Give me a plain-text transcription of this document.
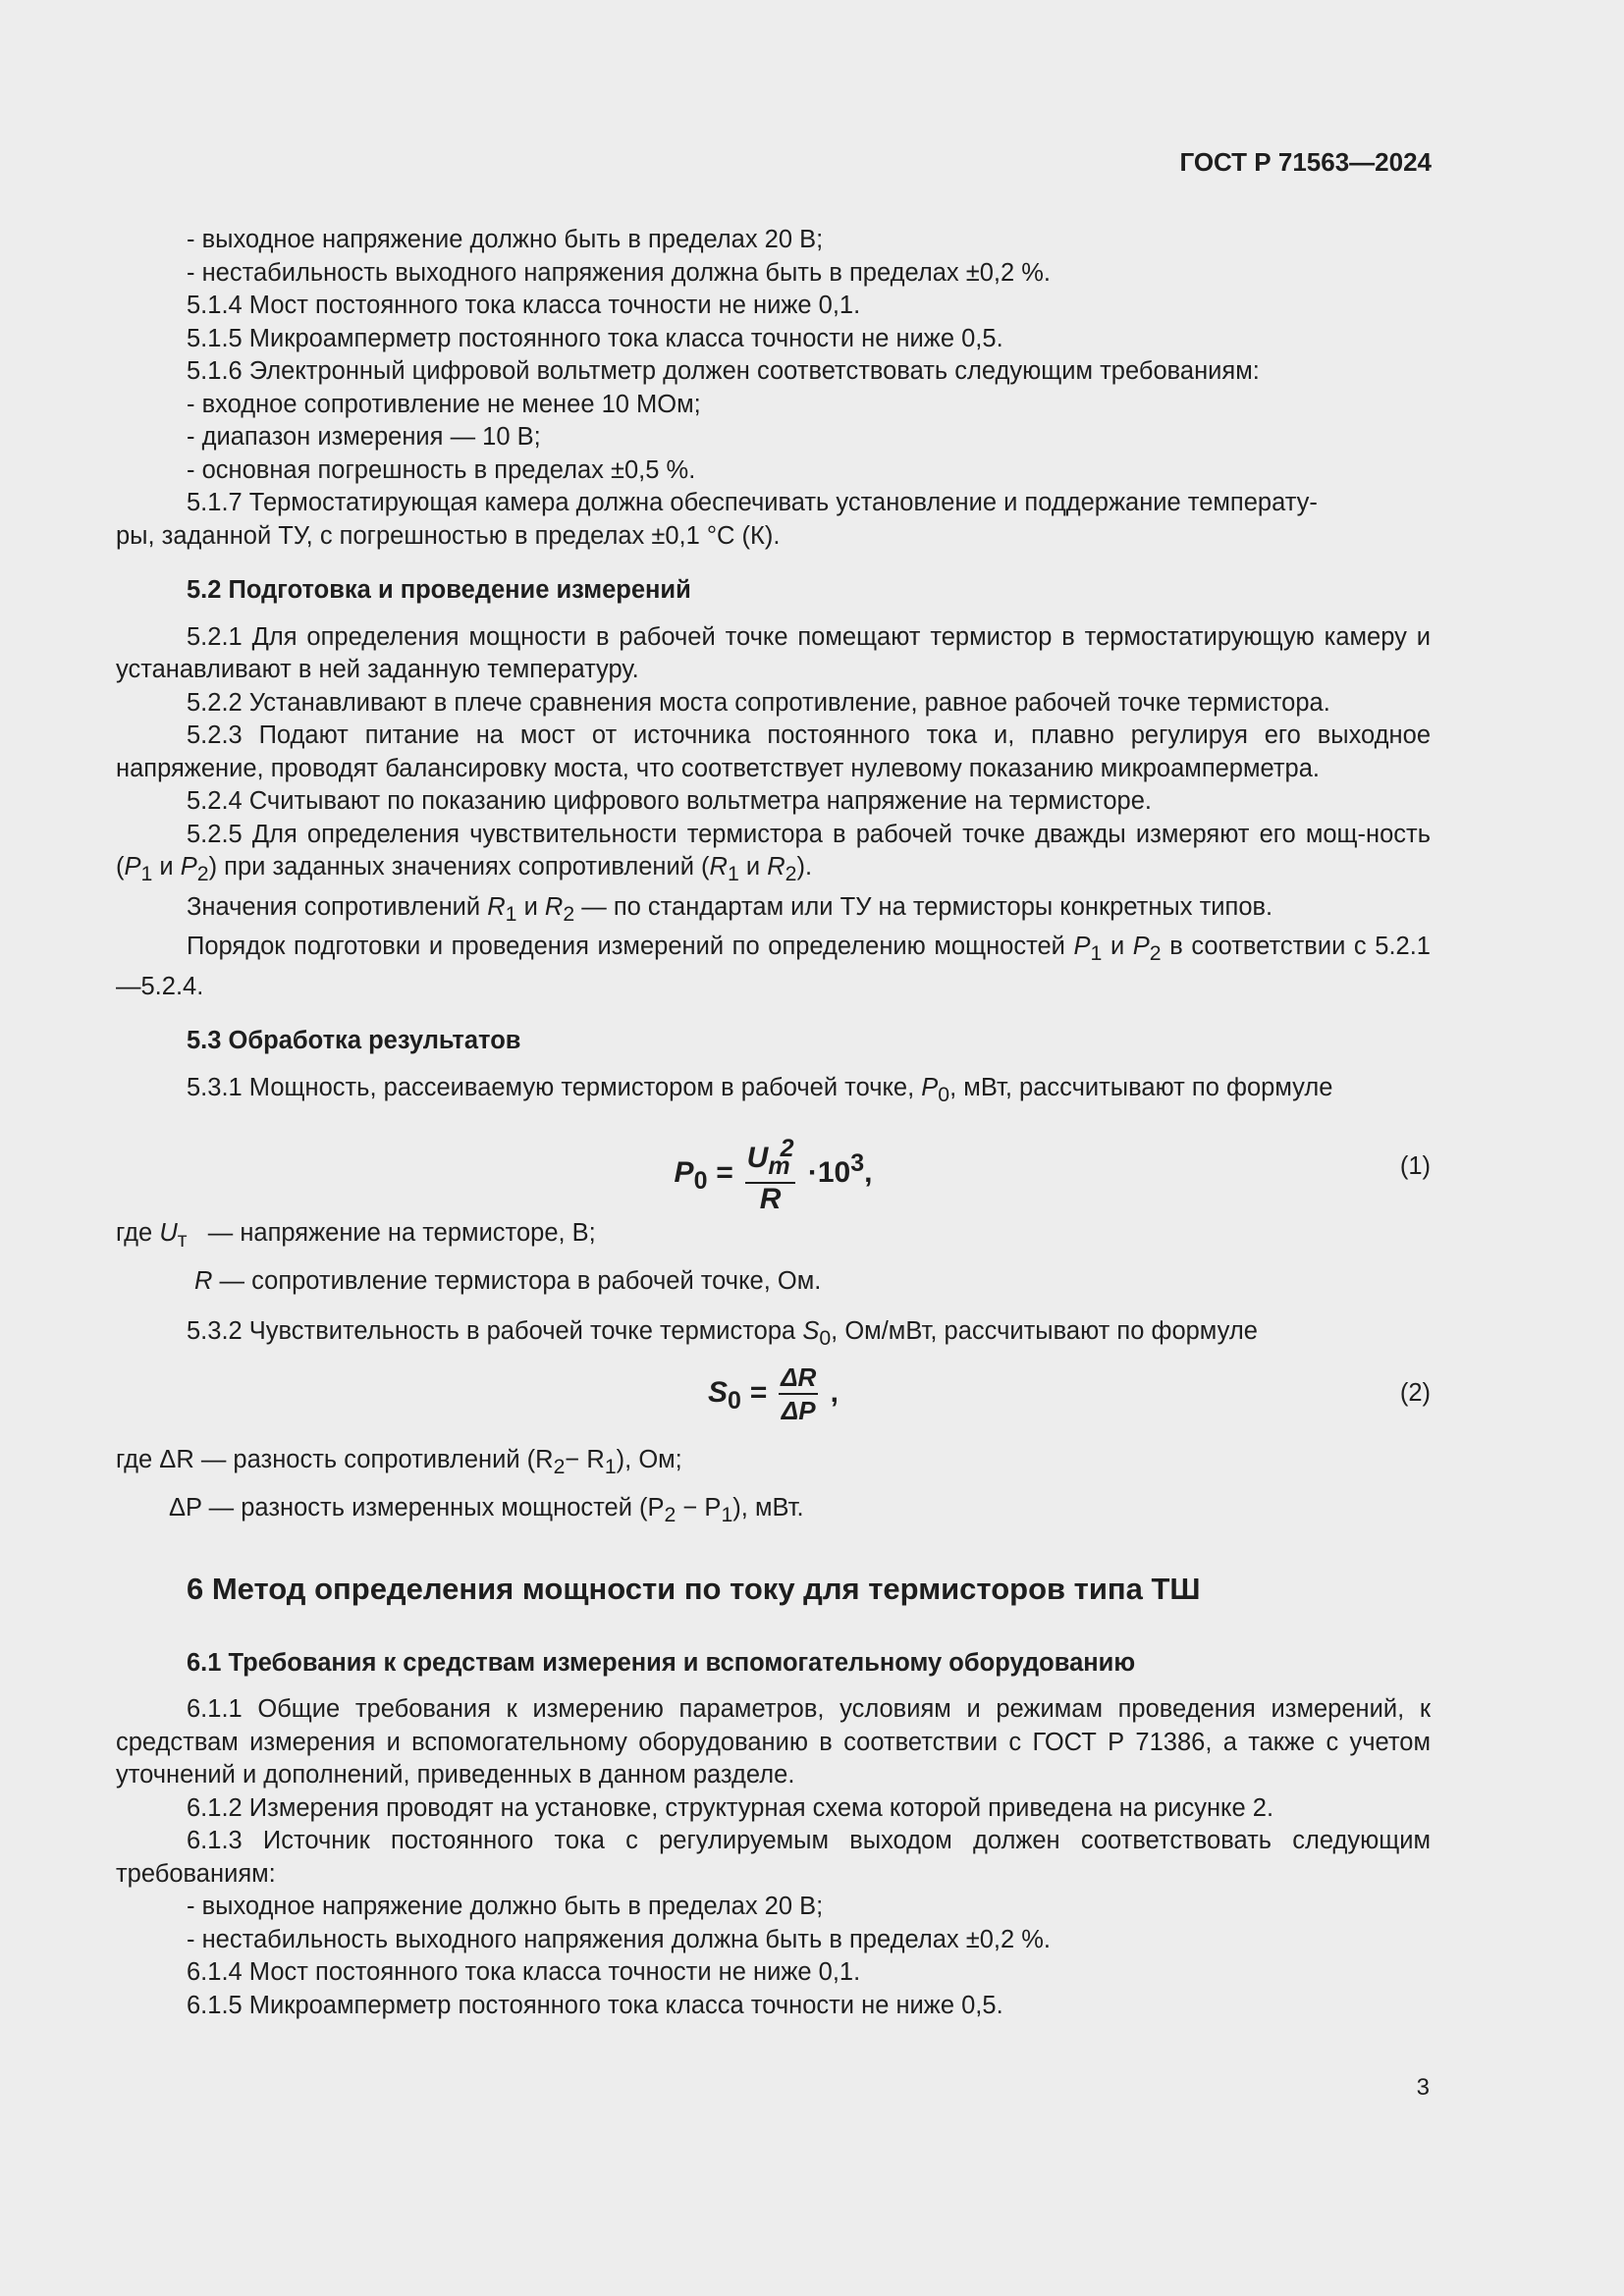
ГОСТ Р 71563—2024

- выходное напряжение должно быть в пределах 20 В;

- нестабильность выходного напряжения должна быть в пределах ±0,2 %.

5.1.4 Мост постоянного тока класса точности не ниже 0,1.

5.1.5 Микроамперметр постоянного тока класса точности не ниже 0,5.

5.1.6 Электронный цифровой вольтметр должен соответствовать следующим требованиям:

- входное сопротивление не менее 10 МОм;

- диапазон измерения — 10 В;

- основная погрешность в пределах ±0,5 %.

5.1.7 Термостатирующая камера должна обеспечивать установление и поддержание температу-

ры, заданной ТУ, с погрешностью в пределах ±0,1 °С (К).

5.2 Подготовка и проведение измерений

5.2.1 Для определения мощности в рабочей точке помещают термистор в термостатирующую камеру и устанавливают в ней заданную температуру.

5.2.2 Устанавливают в плече сравнения моста сопротивление, равное рабочей точке термистора.

5.2.3 Подают питание на мост от источника постоянного тока и, плавно регулируя его выходное напряжение, проводят балансировку моста, что соответствует нулевому показанию микроамперметра.

5.2.4 Считывают по показанию цифрового вольтметра напряжение на термисторе.

5.2.5 Для определения чувствительности термистора в рабочей точке дважды измеряют его мощ-ность ($P_1$ и $P_2$) при заданных значениях сопротивлений ($R_1$ и $R_2$).

Значения сопротивлений $R_1$ и $R_2$ — по стандартам или ТУ на термисторы конкретных типов.

Порядок подготовки и проведения измерений по определению мощностей $P_1$ и $P_2$ в соответствии с 5.2.1—5.2.4.

5.3 Обработка результатов

5.3.1 Мощность, рассеиваемую термистором в рабочей точке, $P_0$, мВт, рассчитывают по формуле

$P_0 = \frac{U_т^2}{R} \cdot 10^3$,	(1)

где $U_т$ — напряжение на термисторе, В;

R — сопротивление термистора в рабочей точке, Ом.

5.3.2 Чувствительность в рабочей точке термистора $S_0$, Ом/мВт, рассчитывают по формуле

$S_0 = \frac{\Delta R}{\Delta P}$ ,	(2)

где ΔR — разность сопротивлений $(R_2- R_1)$, Ом;

ΔP — разность измеренных мощностей $(P_2 - P_1)$, мВт.

6 Метод определения мощности по току для термисторов типа ТШ

6.1 Требования к средствам измерения и вспомогательному оборудованию

6.1.1 Общие требования к измерению параметров, условиям и режимам проведения измерений, к средствам измерения и вспомогательному оборудованию в соответствии с ГОСТ Р 71386, а также с учетом уточнений и дополнений, приведенных в данном разделе.

6.1.2 Измерения проводят на установке, структурная схема которой приведена на рисунке 2.

6.1.3 Источник постоянного тока с регулируемым выходом должен соответствовать следующим требованиям:

- выходное напряжение должно быть в пределах 20 В;

- нестабильность выходного напряжения должна быть в пределах ±0,2 %.

6.1.4 Мост постоянного тока класса точности не ниже 0,1.

6.1.5 Микроамперметр постоянного тока класса точности не ниже 0,5.

3
